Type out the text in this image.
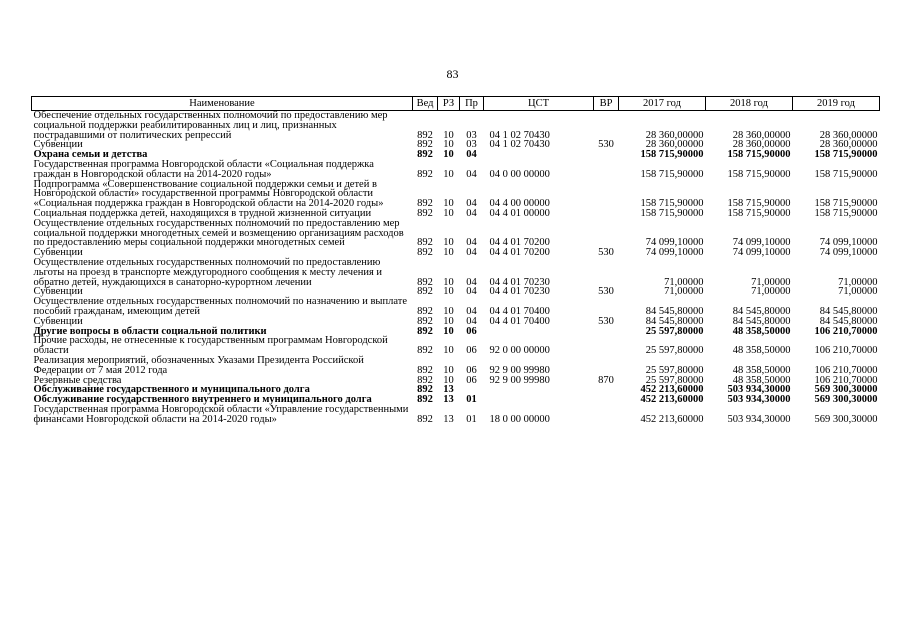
83
Наименование	Вед	РЗ	Пр	ЦСТ	ВР	2017 год	2018 год	2019 год
Обеспечение отдельных государственных полномочий по предоставлению мер социальной поддержки реабилитированных лиц и лиц, признанных пострадавшими от политических репрессий	892	10	03	04 1 02 70430		28 360,00000	28 360,00000	28 360,00000
Субвенции	892	10	03	04 1 02 70430	530	28 360,00000	28 360,00000	28 360,00000
Охрана семьи и детства	892	10	04			158 715,90000	158 715,90000	158 715,90000
Государственная программа Новгородской области «Социальная поддержка граждан в Новгородской области на 2014-2020 годы»	892	10	04	04 0 00 00000		158 715,90000	158 715,90000	158 715,90000
Подпрограмма «Совершенствование социальной поддержки семьи и детей в Новгородской области» государственной программы Новгородской области «Социальная поддержка граждан в Новгородской области на 2014-2020 годы»	892	10	04	04 4 00 00000		158 715,90000	158 715,90000	158 715,90000
Социальная поддержка детей, находящихся в трудной жизненной ситуации	892	10	04	04 4 01 00000		158 715,90000	158 715,90000	158 715,90000
Осуществление отдельных государственных полномочий по предоставлению мер социальной поддержки многодетных семей и возмещению организациям расходов по предоставлению меры социальной поддержки многодетных семей	892	10	04	04 4 01 70200		74 099,10000	74 099,10000	74 099,10000
Субвенции	892	10	04	04 4 01 70200	530	74 099,10000	74 099,10000	74 099,10000
Осуществление отдельных государственных полномочий по предоставлению льготы на проезд в транспорте междугородного сообщения к месту лечения и обратно детей, нуждающихся в санаторно-курортном лечении	892	10	04	04 4 01 70230		71,00000	71,00000	71,00000
Субвенции	892	10	04	04 4 01 70230	530	71,00000	71,00000	71,00000
Осуществление отдельных государственных полномочий по назначению и выплате пособий гражданам, имеющим детей	892	10	04	04 4 01 70400		84 545,80000	84 545,80000	84 545,80000
Субвенции	892	10	04	04 4 01 70400	530	84 545,80000	84 545,80000	84 545,80000
Другие вопросы в области социальной политики	892	10	06			25 597,80000	48 358,50000	106 210,70000
Прочие расходы, не отнесенные к государственным программам Новгородской области	892	10	06	92 0 00 00000		25 597,80000	48 358,50000	106 210,70000
Реализация мероприятий, обозначенных Указами Президента Российской Федерации от 7 мая 2012 года	892	10	06	92 9 00 99980		25 597,80000	48 358,50000	106 210,70000
Резервные средства	892	10	06	92 9 00 99980	870	25 597,80000	48 358,50000	106 210,70000
Обслуживание государственного и муниципального долга	892	13				452 213,60000	503 934,30000	569 300,30000
Обслуживание государственного внутреннего и муниципального долга	892	13	01			452 213,60000	503 934,30000	569 300,30000
Государственная программа Новгородской области «Управление государственными финансами Новгородской области на 2014-2020 годы»	892	13	01	18 0 00 00000		452 213,60000	503 934,30000	569 300,30000
